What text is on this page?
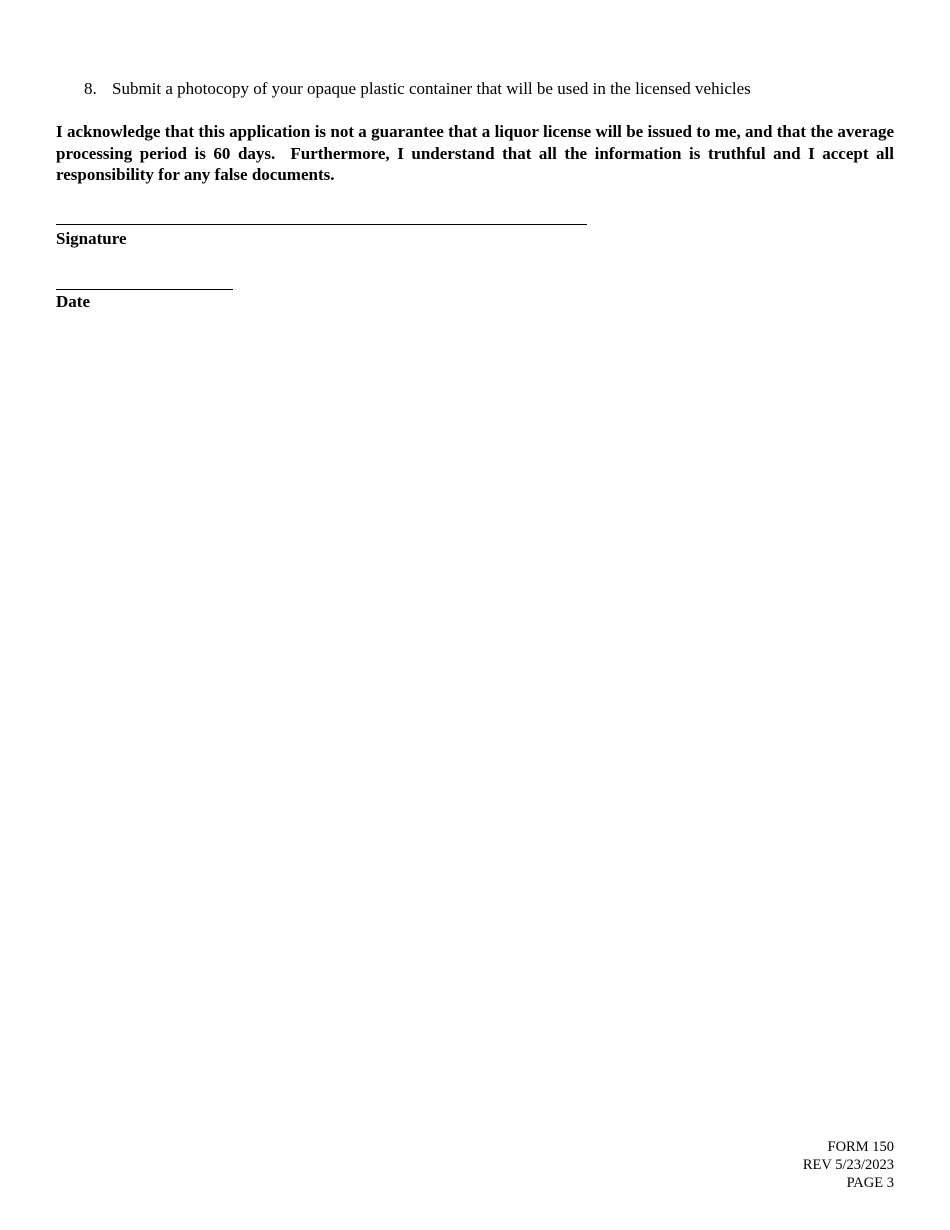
8. Submit a photocopy of your opaque plastic container that will be used in the licensed vehicles
I acknowledge that this application is not a guarantee that a liquor license will be issued to me, and that the average processing period is 60 days.  Furthermore, I understand that all the information is truthful and I accept all responsibility for any false documents.
Signature
Date
FORM 150
REV 5/23/2023
PAGE 3
